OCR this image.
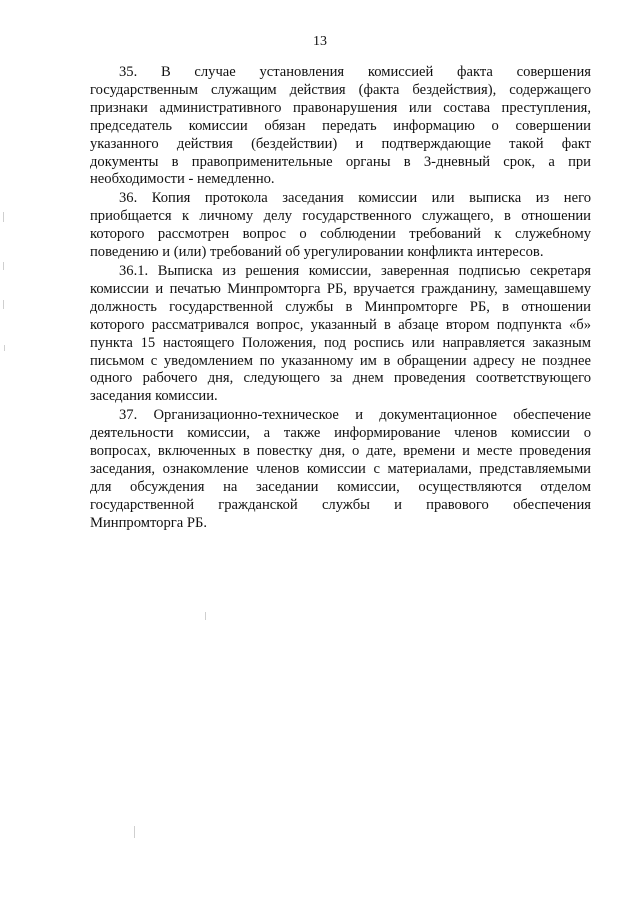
13

35. В случае установления комиссией факта совершения
государственным служащим действия (факта бездействия), содержащего
признаки административного правонарушения или состава преступления,
председатель комиссии обязан передать информацию о совершении
указанного действия (бездействии) и подтверждающие такой факт
документы в правоприменительные органы в 3-дневный срок, а при
необходимости - немедленно.

36. Копия протокола заседания комиссии или выписка из него
приобщается к личному делу государственного служащего, в отношении
которого рассмотрен вопрос о соблюдении требований к служебному
поведению и (или) требований об урегулировании конфликта интересов.

36.1. Выписка из решения комиссии, заверенная подписью секретаря
комиссии и печатью Минпромторга РБ, вручается гражданину, замещавшему
должность государственной службы в Минпромторге РБ, в отношении
которого рассматривался вопрос, указанный в абзаце втором подпункта «б»
пункта 15 настоящего Положения, под роспись или направляется заказным
письмом с уведомлением по указанному им в обращении адресу не позднее
одного рабочего дня, следующего за днем проведения соответствующего
заседания комиссии.

37. Организационно-техническое и документационное обеспечение
деятельности комиссии, а также информирование членов комиссии о
вопросах, включенных в повестку дня, о дате, времени и месте проведения
заседания, ознакомление членов комиссии с материалами, представляемыми
для обсуждения на заседании комиссии, осуществляются отделом
государственной гражданской службы и правового обеспечения
Минпромторга РБ.
